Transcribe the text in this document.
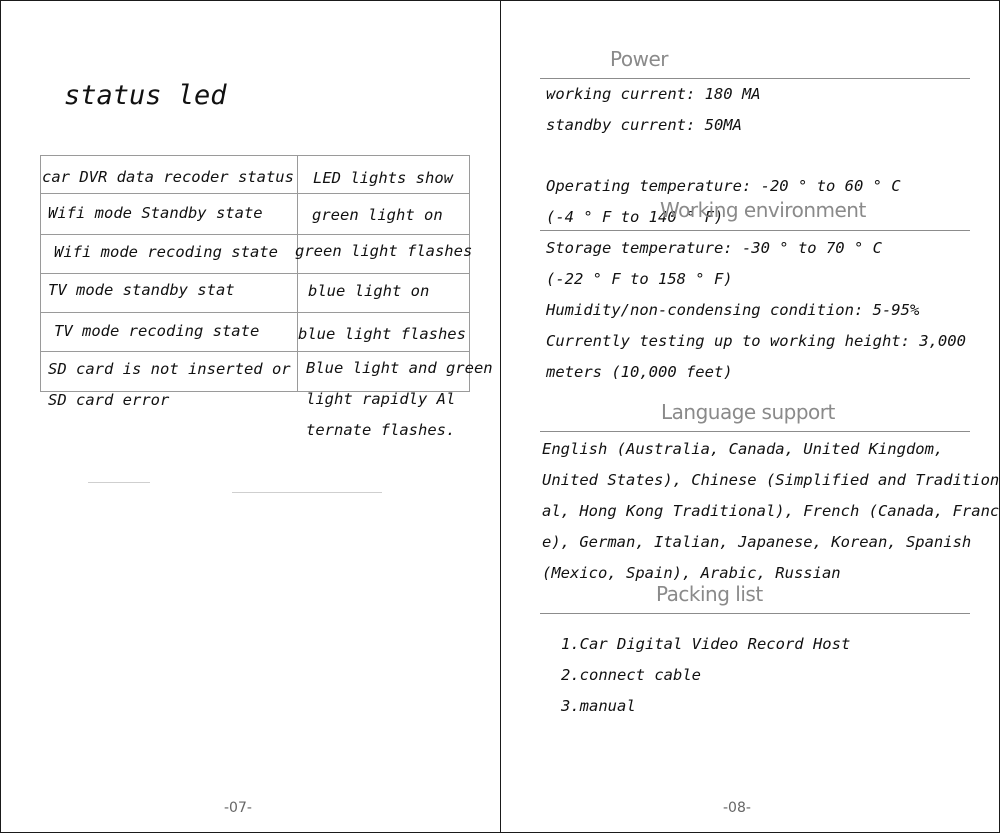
status led
car DVR data recoder status LED lights show
Wifi mode Standby state	green light on
Wifi mode recoding state green light flashes
TV mode standby stat	blue light on
TV mode recoding state blue light flashes
SD card is not inserted or
SD card error
Blue light and green
light rapidly Al
ternate flashes.
-07-
Power
working current: 180 MA
standby current: 50MA
Operating temperature: -20 ° to 60 ° C
(-4 ° F to 140 ° F)
Working environment
Storage temperature: -30 ° to 70 ° C
(-22 ° F to 158 ° F)
Humidity/non-condensing condition: 5-95%
Currently testing up to working height: 3,000
meters (10,000 feet)
Language support
English (Australia, Canada, United Kingdom,
United States), Chinese (Simplified and Tradition
al, Hong Kong Traditional), French (Canada, Franc
e), German, Italian, Japanese, Korean, Spanish
(Mexico, Spain), Arabic, Russian
Packing list
1.Car Digital Video Record Host
2.connect cable
3.manual
-08-
